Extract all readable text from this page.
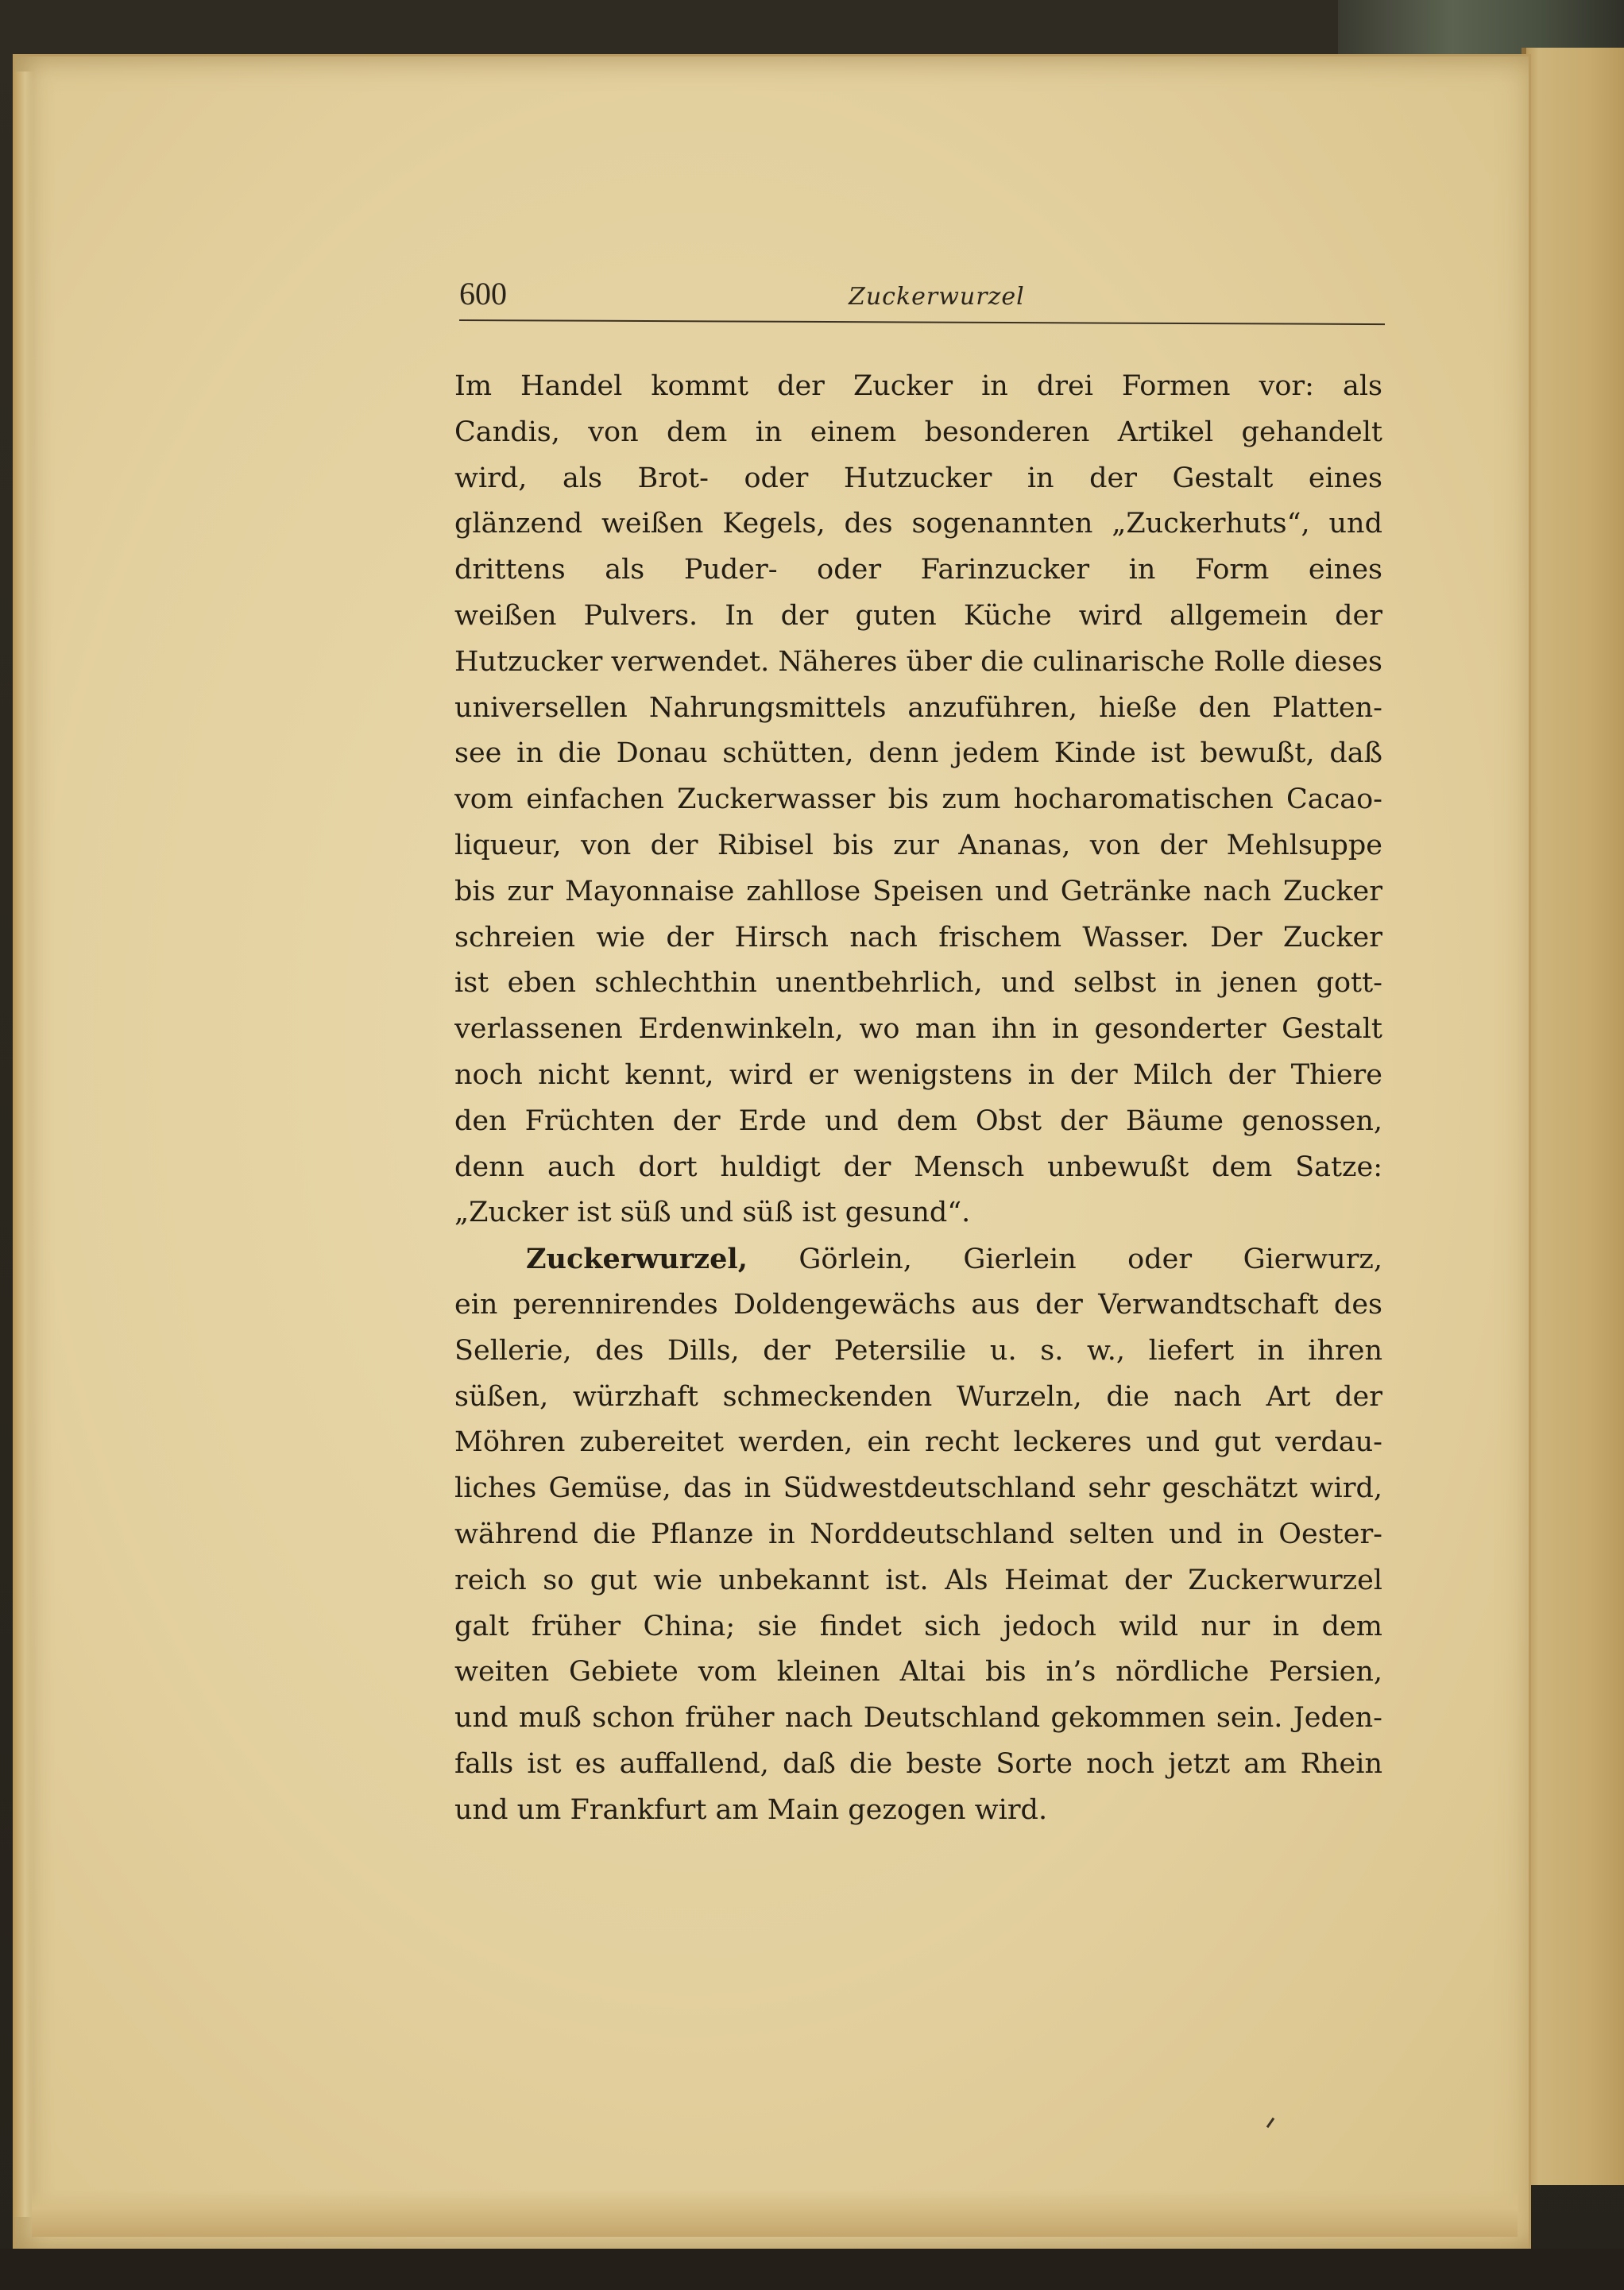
600	Zuckerwurzel
Im Handel kommt der Zucker in drei Formen vor: als
Candis, von dem in einem besonderen Artikel gehandelt
wird, als Brot- oder Hutzucker in der Gestalt eines
glänzend weißen Kegels, des sogenannten „Zuckerhuts“, und
drittens als Puder- oder Farinzucker in Form eines
weißen Pulvers. In der guten Küche wird allgemein der
Hutzucker verwendet. Näheres über die culinarische Rolle dieses
universellen Nahrungsmittels anzuführen, hieße den Platten-
see in die Donau schütten, denn jedem Kinde ist bewußt, daß
vom einfachen Zuckerwasser bis zum hocharomatischen Cacao-
liqueur, von der Ribisel bis zur Ananas, von der Mehlsuppe
bis zur Mayonnaise zahllose Speisen und Getränke nach Zucker
schreien wie der Hirsch nach frischem Wasser. Der Zucker
ist eben schlechthin unentbehrlich, und selbst in jenen gott-
verlassenen Erdenwinkeln, wo man ihn in gesonderter Gestalt
noch nicht kennt, wird er wenigstens in der Milch der Thiere
den Früchten der Erde und dem Obst der Bäume genossen,
denn auch dort huldigt der Mensch unbewußt dem Satze:
„Zucker ist süß und süß ist gesund“.
Zuckerwurzel, Görlein, Gierlein oder Gierwurz,
ein perennirendes Doldengewächs aus der Verwandtschaft des
Sellerie, des Dills, der Petersilie u. s. w., liefert in ihren
süßen, würzhaft schmeckenden Wurzeln, die nach Art der
Möhren zubereitet werden, ein recht leckeres und gut verdau-
liches Gemüse, das in Südwestdeutschland sehr geschätzt wird,
während die Pflanze in Norddeutschland selten und in Oester-
reich so gut wie unbekannt ist. Als Heimat der Zuckerwurzel
galt früher China; sie findet sich jedoch wild nur in dem
weiten Gebiete vom kleinen Altai bis in’s nördliche Persien,
und muß schon früher nach Deutschland gekommen sein. Jeden-
falls ist es auffallend, daß die beste Sorte noch jetzt am Rhein
und um Frankfurt am Main gezogen wird.
